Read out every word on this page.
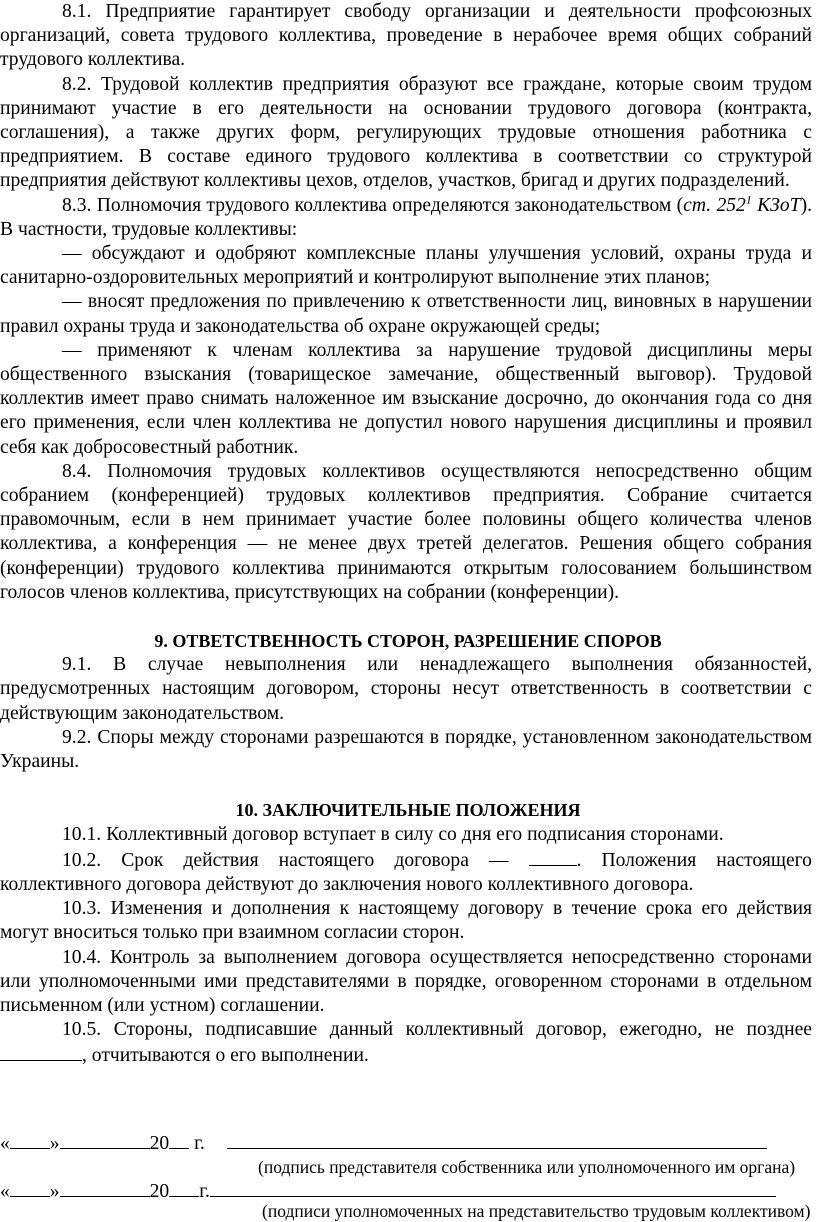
8.1. Предприятие гарантирует свободу организации и деятельности профсоюзных организаций, совета трудового коллектива, проведение в нерабочее время общих собраний трудового коллектива.

8.2. Трудовой коллектив предприятия образуют все граждане, которые своим трудом принимают участие в его деятельности на основании трудового договора (контракта, соглашения), а также других форм, регулирующих трудовые отношения работника с предприятием. В составе единого трудового коллектива в соответствии со структурой предприятия действуют коллективы цехов, отделов, участков, бригад и других подразделений.

8.3. Полномочия трудового коллектива определяются законодательством (ст. $252^1$ КЗоТ). В частности, трудовые коллективы:

— обсуждают и одобряют комплексные планы улучшения условий, охраны труда и санитарно-оздоровительных мероприятий и контролируют выполнение этих планов;

— вносят предложения по привлечению к ответственности лиц, виновных в нарушении правил охраны труда и законодательства об охране окружающей среды;

— применяют к членам коллектива за нарушение трудовой дисциплины меры общественного взыскания (товарищеское замечание, общественный выговор). Трудовой коллектив имеет право снимать наложенное им взыскание досрочно, до окончания года со дня его применения, если член коллектива не допустил нового нарушения дисциплины и проявил себя как добросовестный работник.

8.4. Полномочия трудовых коллективов осуществляются непосредственно общим собранием (конференцией) трудовых коллективов предприятия. Собрание считается правомочным, если в нем принимает участие более половины общего количества членов коллектива, а конференция — не менее двух третей делегатов. Решения общего собрания (конференции) трудового коллектива принимаются открытым голосованием большинством голосов членов коллектива, присутствующих на собрании (конференции).

9. ОТВЕТСТВЕННОСТЬ СТОРОН, РАЗРЕШЕНИЕ СПОРОВ

9.1. В случае невыполнения или ненадлежащего выполнения обязанностей, предусмотренных настоящим договором, стороны несут ответственность в соответствии с действующим законодательством.

9.2. Споры между сторонами разрешаются в порядке, установленном законодательством Украины.

10. ЗАКЛЮЧИТЕЛЬНЫЕ ПОЛОЖЕНИЯ

10.1. Коллективный договор вступает в силу со дня его подписания сторонами.

10.2. Срок действия настоящего договора — . Положения настоящего коллективного договора действуют до заключения нового коллективного договора.

10.3. Изменения и дополнения к настоящему договору в течение срока его действия могут вноситься только при взаимном согласии сторон.

10.4. Контроль за выполнением договора осуществляется непосредственно сторонами или уполномоченными ими представителями в порядке, оговоренном сторонами в отдельном письменном (или устном) соглашении.

10.5. Стороны, подписавшие данный коллективный договор, ежегодно, не позднее , отчитываются о его выполнении.

« »	20 г.
(подпись представителя собственника или уполномоченного им органа)
« »	20 г.
(подписи уполномоченных на представительство трудовым коллективом)
